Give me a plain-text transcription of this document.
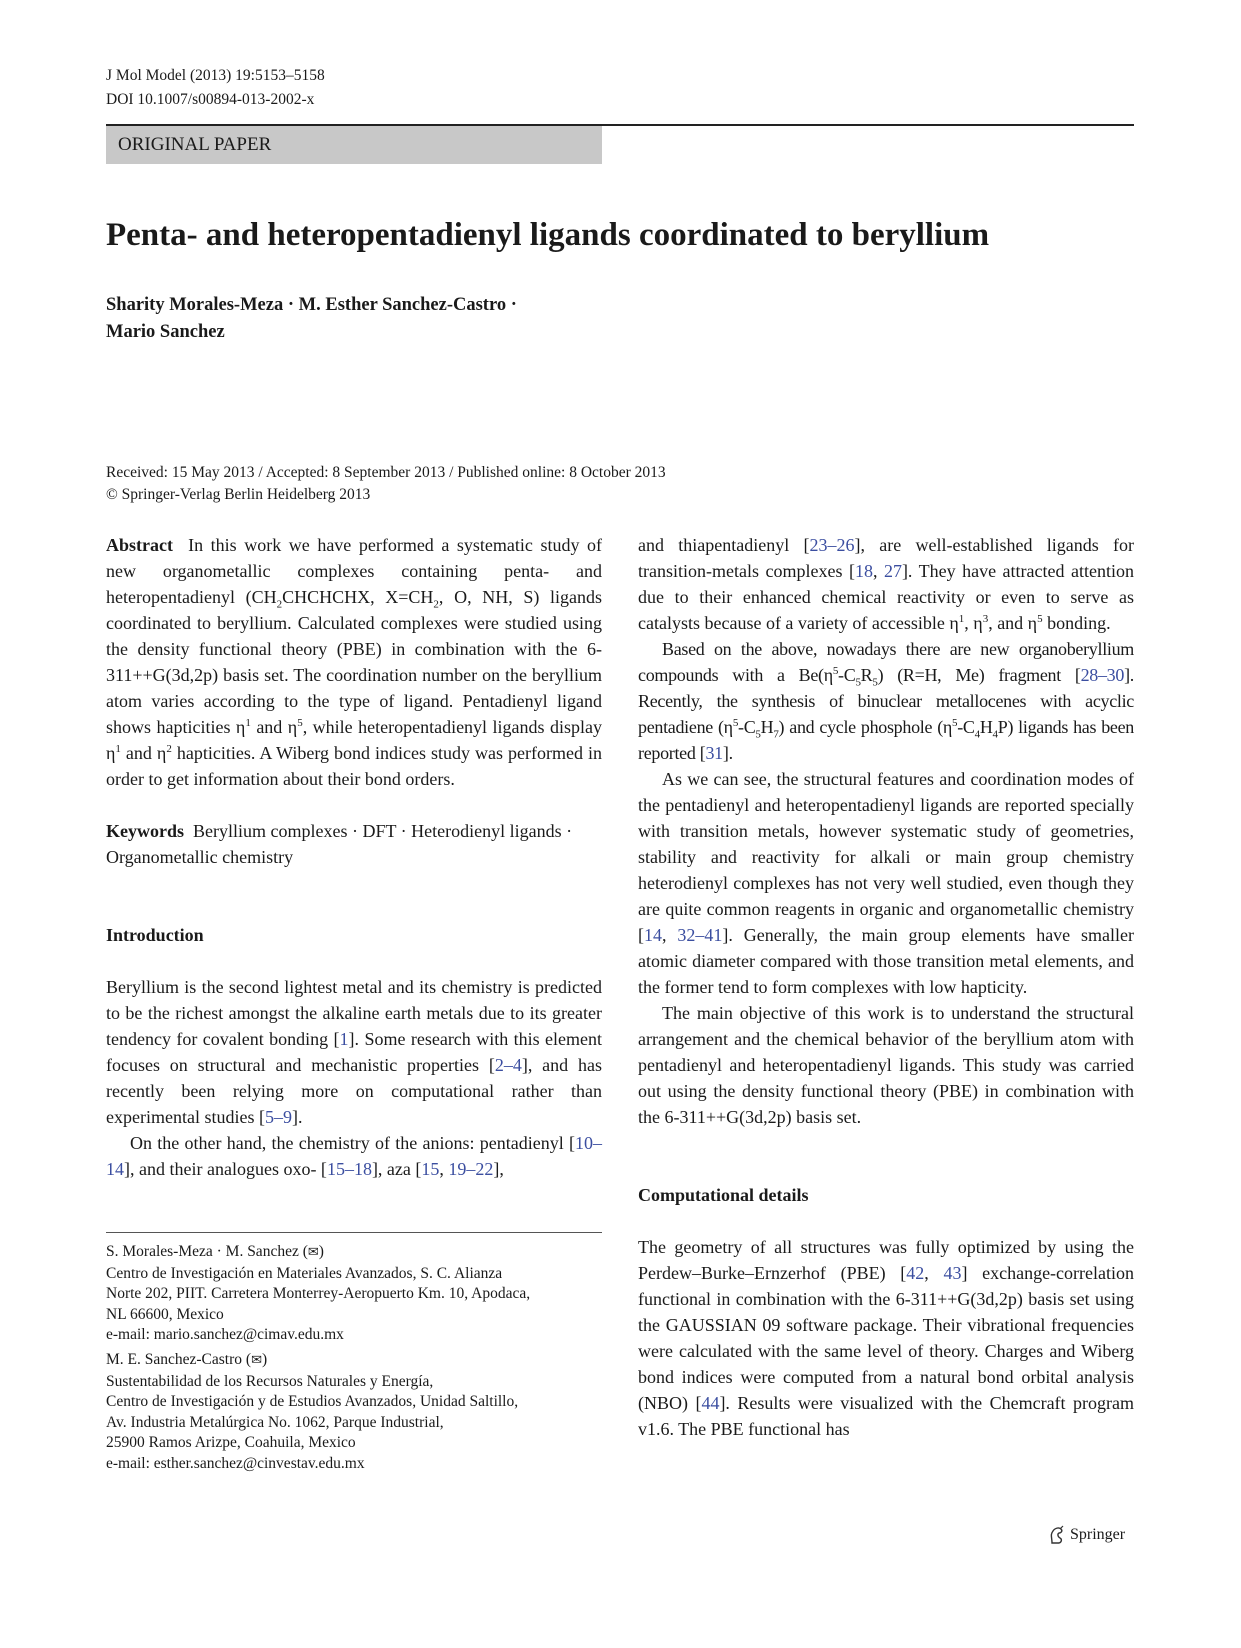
J Mol Model (2013) 19:5153–5158
DOI 10.1007/s00894-013-2002-x
ORIGINAL PAPER
Penta- and heteropentadienyl ligands coordinated to beryllium
Sharity Morales-Meza · M. Esther Sanchez-Castro ·
Mario Sanchez
Received: 15 May 2013 / Accepted: 8 September 2013 / Published online: 8 October 2013
© Springer-Verlag Berlin Heidelberg 2013

Abstract In this work we have performed a systematic study of new organometallic complexes containing penta- and heteropentadienyl ($CH_2CHCHCHX$, $X=CH_2$, O, NH, S) ligands coordinated to beryllium. Calculated complexes were studied using the density functional theory (PBE) in combination with the 6-311++G(3d,2p) basis set. The coordination number on the beryllium atom varies according to the type of ligand. Pentadienyl ligand shows hapticities $\eta^1$ and $\eta^5$, while heteropentadienyl ligands display $\eta^1$ and $\eta^2$ hapticities. A Wiberg bond indices study was performed in order to get information about their bond orders.

Keywords Beryllium complexes · DFT · Heterodienyl ligands · Organometallic chemistry

Introduction

Beryllium is the second lightest metal and its chemistry is predicted to be the richest amongst the alkaline earth metals due to its greater tendency for covalent bonding [1]. Some research with this element focuses on structural and mechanistic properties [2–4], and has recently been relying more on computational rather than experimental studies [5–9].

On the other hand, the chemistry of the anions: pentadienyl [10–14], and their analogues oxo- [15–18], aza [15, 19–22],

S. Morales-Meza · M. Sanchez (✉)
Centro de Investigación en Materiales Avanzados, S. C. Alianza
Norte 202, PIIT. Carretera Monterrey-Aeropuerto Km. 10, Apodaca,
NL 66600, Mexico
e-mail: mario.sanchez@cimav.edu.mx
M. E. Sanchez-Castro (✉)
Sustentabilidad de los Recursos Naturales y Energía,
Centro de Investigación y de Estudios Avanzados, Unidad Saltillo,
Av. Industria Metalúrgica No. 1062, Parque Industrial,
25900 Ramos Arizpe, Coahuila, Mexico
e-mail: esther.sanchez@cinvestav.edu.mx

and thiapentadienyl [23–26], are well-established ligands for transition-metals complexes [18, 27]. They have attracted attention due to their enhanced chemical reactivity or even to serve as catalysts because of a variety of accessible $\eta^1$, $\eta^3$, and $\eta^5$ bonding.

Based on the above, nowadays there are new organoberyllium compounds with a $Be(\eta^5-C_5R_5)$ (R=H, Me) fragment [28–30]. Recently, the synthesis of binuclear metallocenes with acyclic pentadiene $(\eta^5-C_5H_7)$ and cycle phosphole $(\eta^5-C_4H_4P)$ ligands has been reported [31].

As we can see, the structural features and coordination modes of the pentadienyl and heteropentadienyl ligands are reported specially with transition metals, however systematic study of geometries, stability and reactivity for alkali or main group chemistry heterodienyl complexes has not very well studied, even though they are quite common reagents in organic and organometallic chemistry [14, 32–41]. Generally, the main group elements have smaller atomic diameter compared with those transition metal elements, and the former tend to form complexes with low hapticity.

The main objective of this work is to understand the structural arrangement and the chemical behavior of the beryllium atom with pentadienyl and heteropentadienyl ligands. This study was carried out using the density functional theory (PBE) in combination with the 6-311++G(3d,2p) basis set.

Computational details

The geometry of all structures was fully optimized by using the Perdew–Burke–Ernzerhof (PBE) [42, 43] exchange-correlation functional in combination with the 6-311++G(3d,2p) basis set using the GAUSSIAN 09 software package. Their vibrational frequencies were calculated with the same level of theory. Charges and Wiberg bond indices were computed from a natural bond orbital analysis (NBO) [44]. Results were visualized with the Chemcraft program v1.6. The PBE functional has

Springer
